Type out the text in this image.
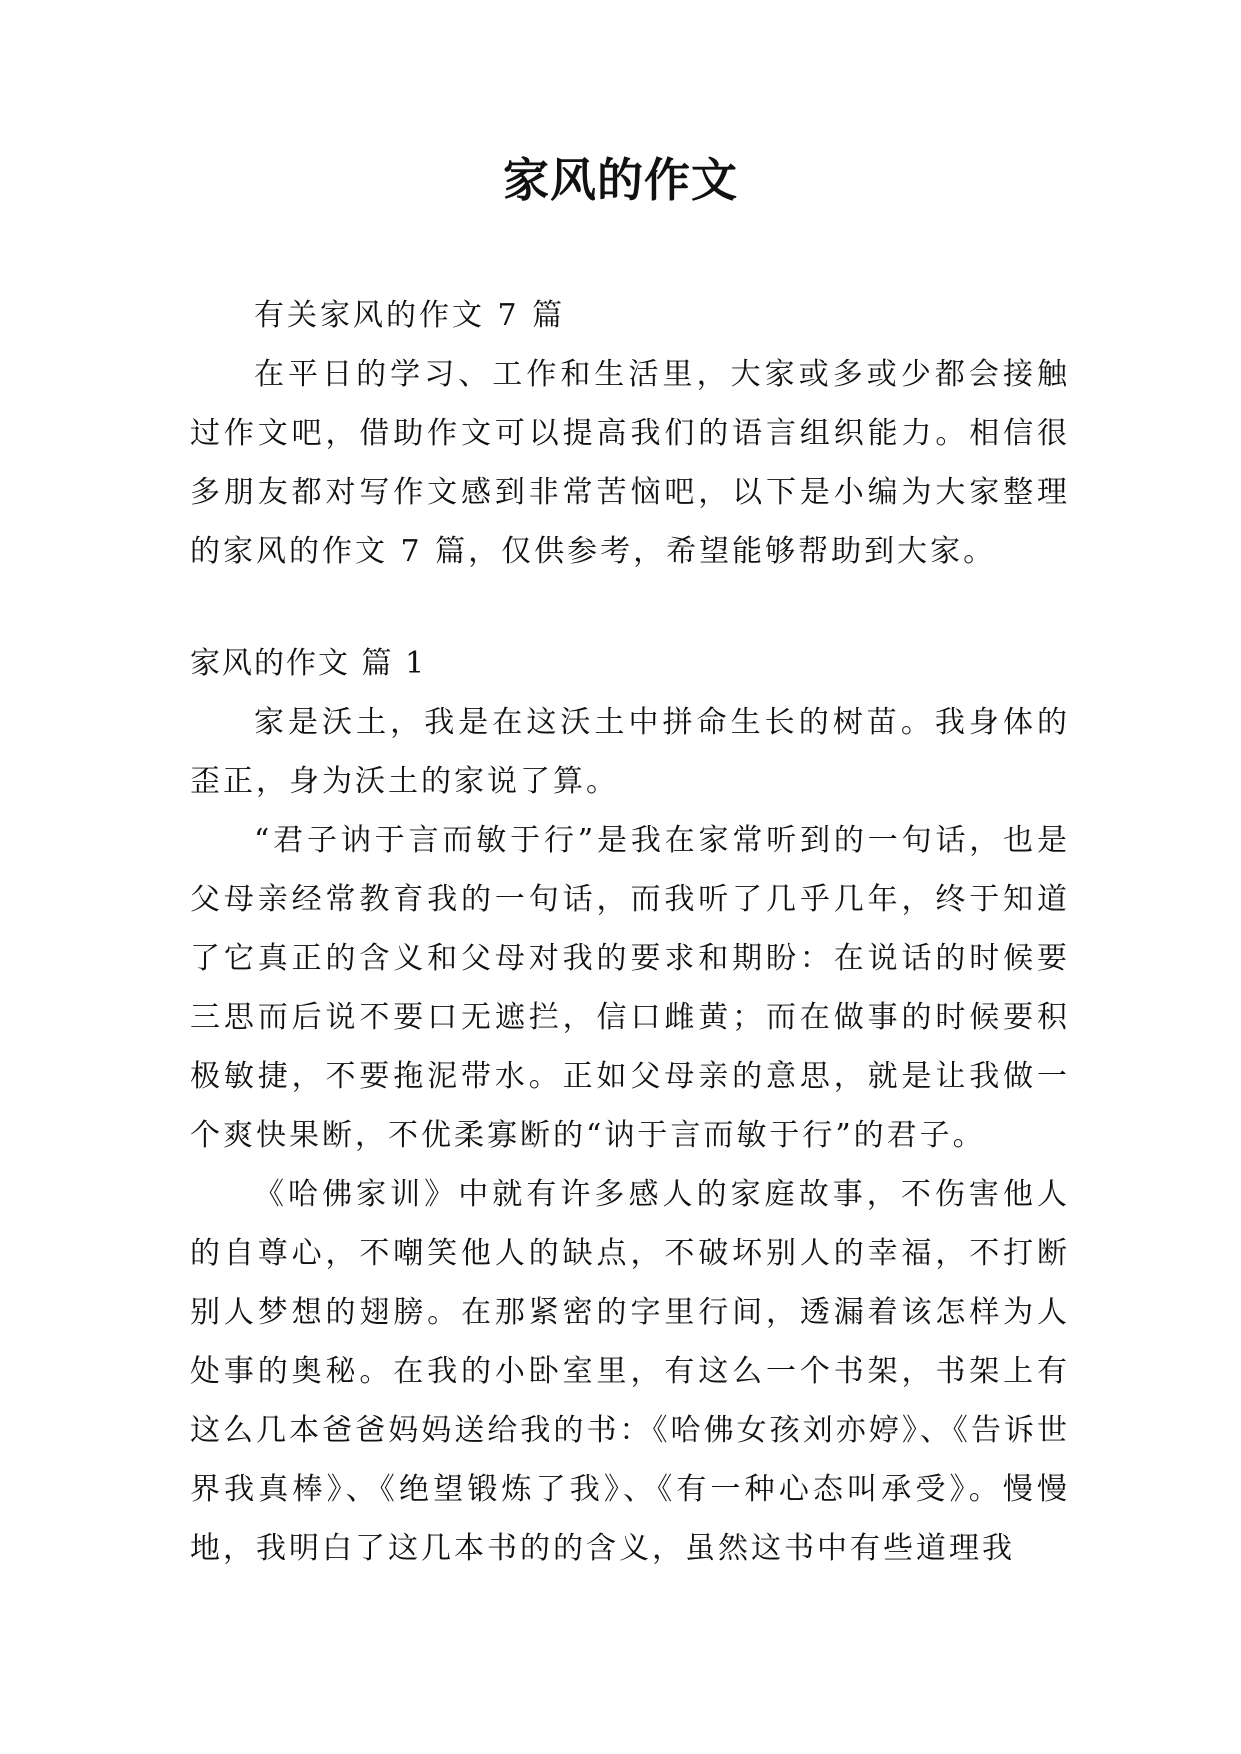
家风的作文

有关家风的作文 7 篇

在平日的学习、工作和生活里，大家或多或少都会接触过作文吧，借助作文可以提高我们的语言组织能力。相信很多朋友都对写作文感到非常苦恼吧，以下是小编为大家整理的家风的作文 7 篇，仅供参考，希望能够帮助到大家。

家风的作文 篇 1

家是沃土，我是在这沃土中拼命生长的树苗。我身体的歪正，身为沃土的家说了算。

“君子讷于言而敏于行”是我在家常听到的一句话，也是父母亲经常教育我的一句话，而我听了几乎几年，终于知道了它真正的含义和父母对我的要求和期盼：在说话的时候要三思而后说不要口无遮拦，信口雌黄；而在做事的时候要积极敏捷，不要拖泥带水。正如父母亲的意思，就是让我做一个爽快果断，不优柔寡断的“讷于言而敏于行”的君子。

《哈佛家训》中就有许多感人的家庭故事，不伤害他人的自尊心，不嘲笑他人的缺点，不破坏别人的幸福，不打断别人梦想的翅膀。在那紧密的字里行间，透漏着该怎样为人处事的奥秘。在我的小卧室里，有这么一个书架，书架上有这么几本爸爸妈妈送给我的书：《哈佛女孩刘亦婷》、《告诉世界我真棒》、《绝望锻炼了我》、《有一种心态叫承受》。慢慢地，我明白了这几本书的的含义，虽然这书中有些道理我
